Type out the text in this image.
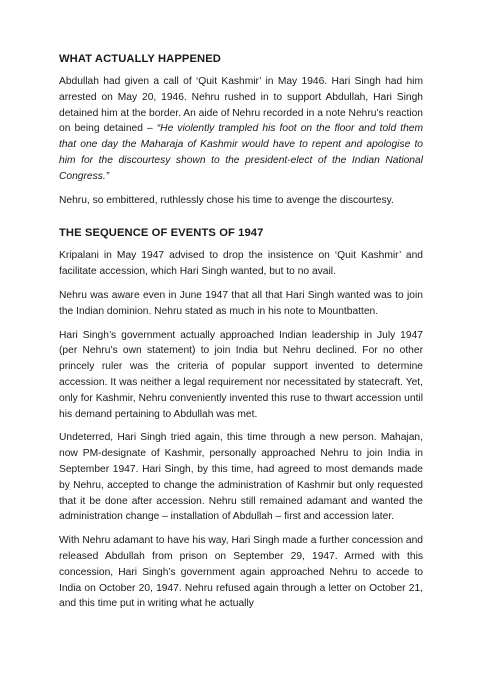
WHAT ACTUALLY HAPPENED

Abdullah had given a call of ‘Quit Kashmir’ in May 1946. Hari Singh had him arrested on May 20, 1946. Nehru rushed in to support Abdullah, Hari Singh detained him at the border. An aide of Nehru recorded in a note Nehru’s reaction on being detained – “He violently trampled his foot on the floor and told them that one day the Maharaja of Kashmir would have to repent and apologise to him for the discourtesy shown to the president-elect of the Indian National Congress.”

Nehru, so embittered, ruthlessly chose his time to avenge the discourtesy.

THE SEQUENCE OF EVENTS OF 1947

Kripalani in May 1947 advised to drop the insistence on ‘Quit Kashmir’ and facilitate accession, which Hari Singh wanted, but to no avail.

Nehru was aware even in June 1947 that all that Hari Singh wanted was to join the Indian dominion. Nehru stated as much in his note to Mountbatten.

Hari Singh’s government actually approached Indian leadership in July 1947 (per Nehru’s own statement) to join India but Nehru declined. For no other princely ruler was the criteria of popular support invented to determine accession. It was neither a legal requirement nor necessitated by statecraft. Yet, only for Kashmir, Nehru conveniently invented this ruse to thwart accession until his demand pertaining to Abdullah was met.

Undeterred, Hari Singh tried again, this time through a new person. Mahajan, now PM-designate of Kashmir, personally approached Nehru to join India in September 1947. Hari Singh, by this time, had agreed to most demands made by Nehru, accepted to change the administration of Kashmir but only requested that it be done after accession. Nehru still remained adamant and wanted the administration change – installation of Abdullah – first and accession later.

With Nehru adamant to have his way, Hari Singh made a further concession and released Abdullah from prison on September 29, 1947. Armed with this concession, Hari Singh’s government again approached Nehru to accede to India on October 20, 1947. Nehru refused again through a letter on October 21, and this time put in writing what he actually
